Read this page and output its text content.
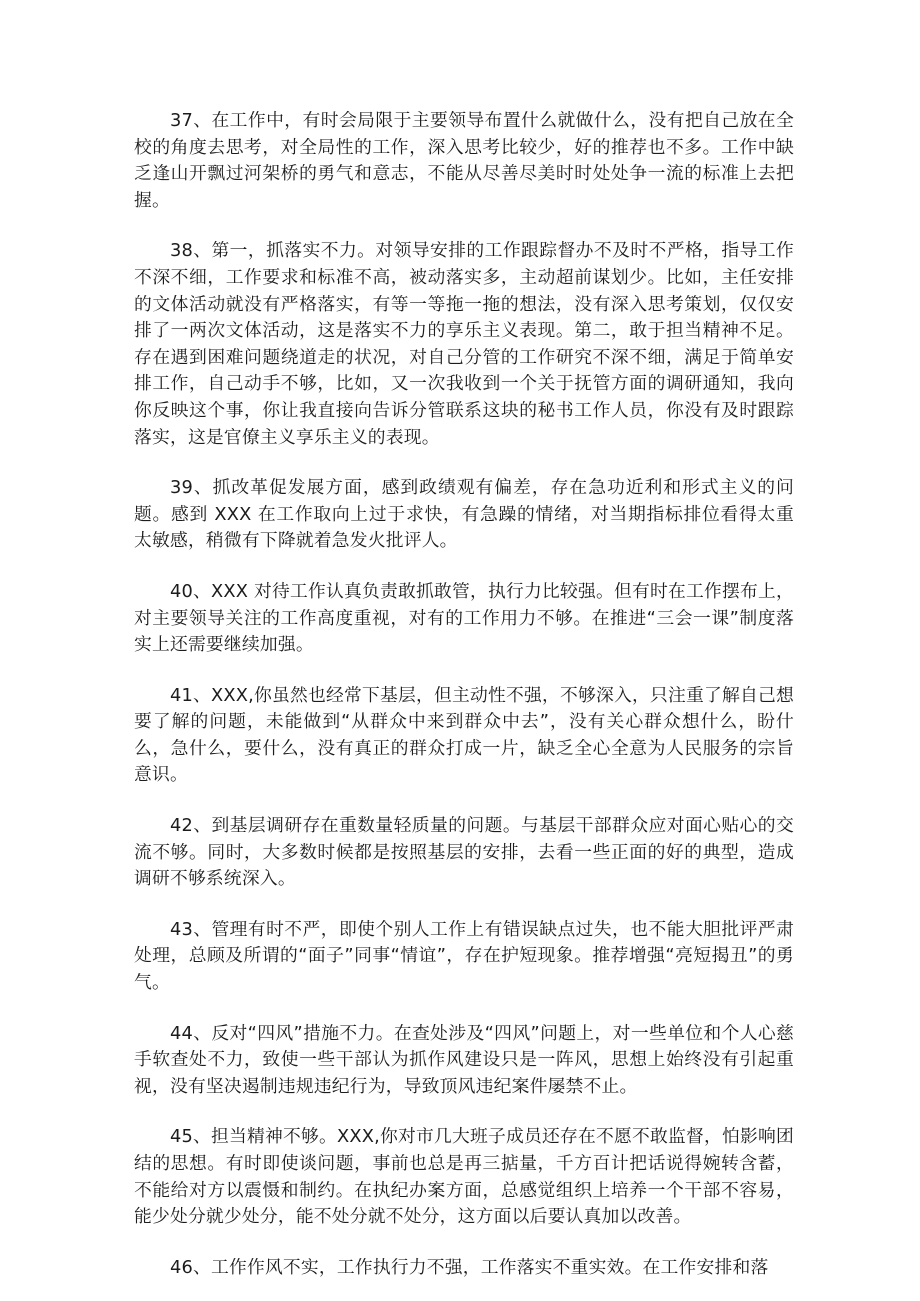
37、在工作中，有时会局限于主要领导布置什么就做什么，没有把自己放在全校的角度去思考，对全局性的工作，深入思考比较少，好的推荐也不多。工作中缺乏逢山开飘过河架桥的勇气和意志，不能从尽善尽美时时处处争一流的标准上去把握。

38、第一，抓落实不力。对领导安排的工作跟踪督办不及时不严格，指导工作不深不细，工作要求和标准不高，被动落实多，主动超前谋划少。比如，主任安排的文体活动就没有严格落实，有等一等拖一拖的想法，没有深入思考策划，仅仅安排了一两次文体活动，这是落实不力的享乐主义表现。第二，敢于担当精神不足。存在遇到困难问题绕道走的状况，对自己分管的工作研究不深不细，满足于简单安排工作，自己动手不够，比如，又一次我收到一个关于抚管方面的调研通知，我向你反映这个事，你让我直接向告诉分管联系这块的秘书工作人员，你没有及时跟踪落实，这是官僚主义享乐主义的表现。

39、抓改革促发展方面，感到政绩观有偏差，存在急功近利和形式主义的问题。感到 XXX 在工作取向上过于求快，有急躁的情绪，对当期指标排位看得太重太敏感，稍微有下降就着急发火批评人。

40、XXX 对待工作认真负责敢抓敢管，执行力比较强。但有时在工作摆布上，对主要领导关注的工作高度重视，对有的工作用力不够。在推进“三会一课”制度落实上还需要继续加强。

41、XXX,你虽然也经常下基层，但主动性不强，不够深入，只注重了解自己想要了解的问题，未能做到“从群众中来到群众中去”，没有关心群众想什么，盼什么，急什么，要什么，没有真正的群众打成一片，缺乏全心全意为人民服务的宗旨意识。

42、到基层调研存在重数量轻质量的问题。与基层干部群众应对面心贴心的交流不够。同时，大多数时候都是按照基层的安排，去看一些正面的好的典型，造成调研不够系统深入。

43、管理有时不严，即使个别人工作上有错误缺点过失，也不能大胆批评严肃处理，总顾及所谓的“面子”同事“情谊”，存在护短现象。推荐增强“亮短揭丑”的勇气。

44、反对“四风”措施不力。在查处涉及“四风”问题上，对一些单位和个人心慈手软查处不力，致使一些干部认为抓作风建设只是一阵风，思想上始终没有引起重视，没有坚决遏制违规违纪行为，导致顶风违纪案件屡禁不止。

45、担当精神不够。XXX,你对市几大班子成员还存在不愿不敢监督，怕影响团结的思想。有时即使谈问题，事前也总是再三掂量，千方百计把话说得婉转含蓄，不能给对方以震慑和制约。在执纪办案方面，总感觉组织上培养一个干部不容易，能少处分就少处分，能不处分就不处分，这方面以后要认真加以改善。

46、工作作风不实，工作执行力不强，工作落实不重实效。在工作安排和落
